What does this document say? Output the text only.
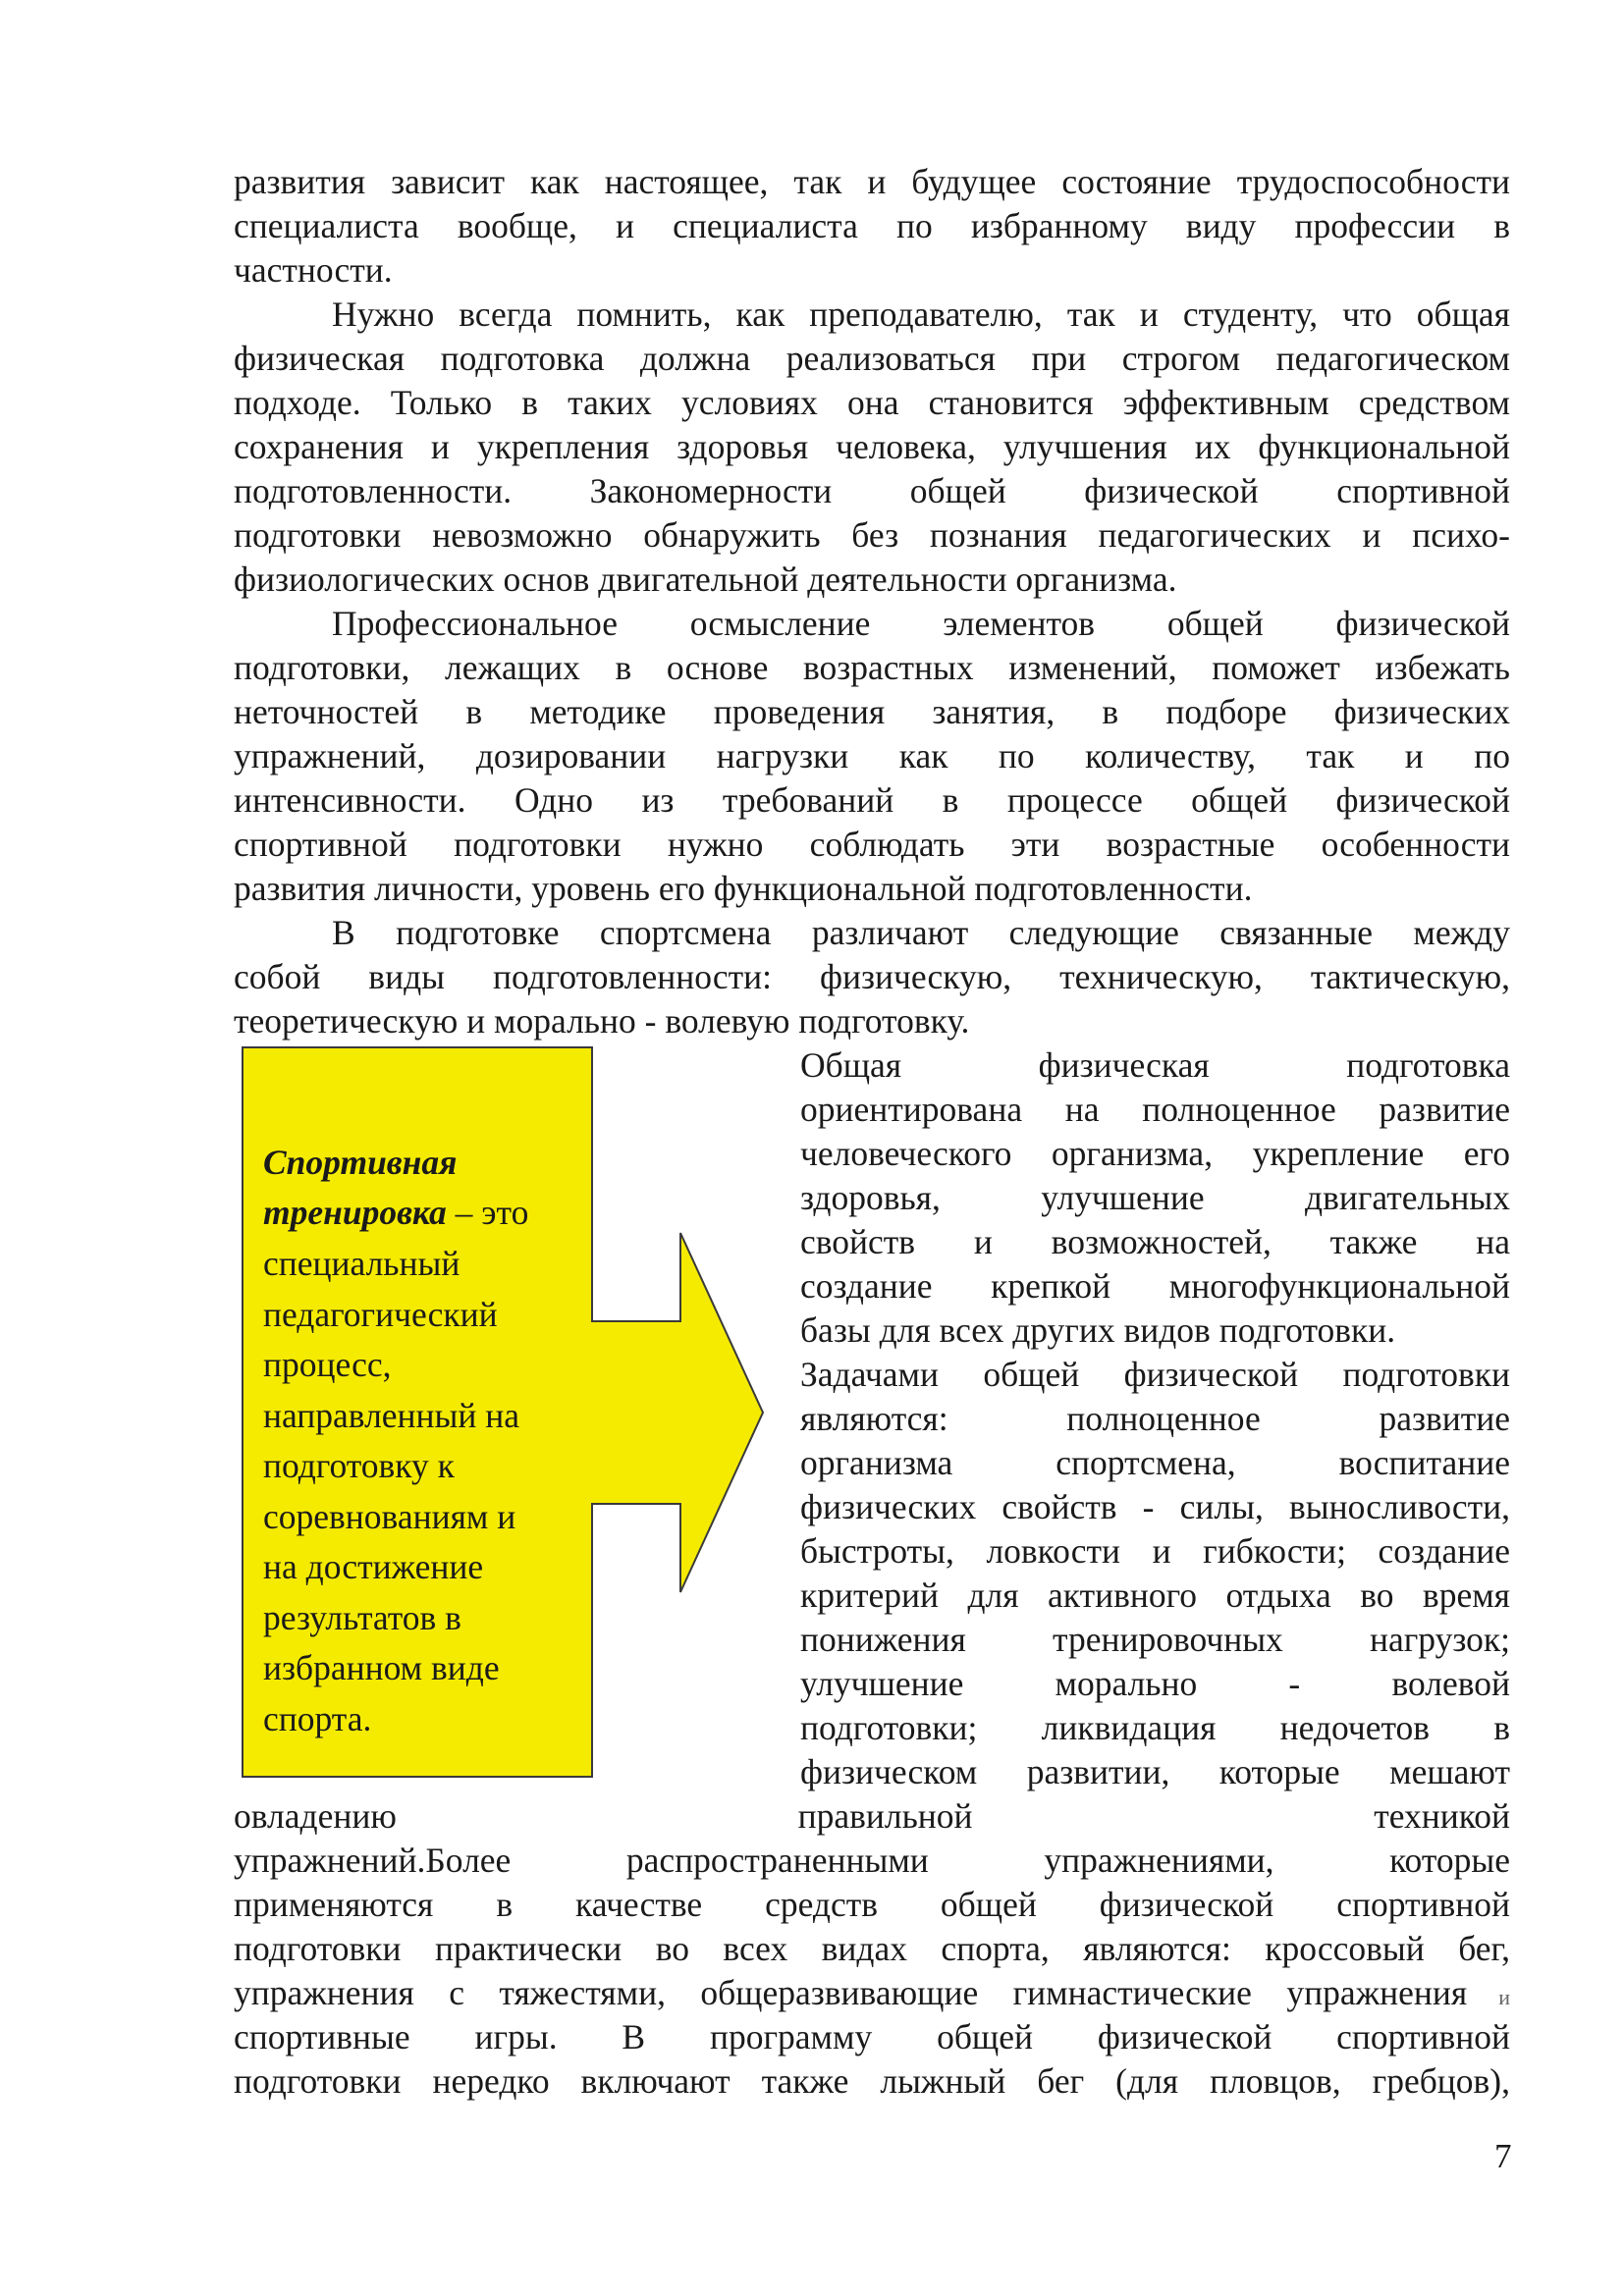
развития зависит как настоящее, так и будущее состояние трудоспособности
специалиста вообще, и специалиста по избранному виду профессии в
частности.
Нужно всегда помнить, как преподавателю, так и студенту, что общая
физическая подготовка должна реализоваться при строгом педагогическом
подходе. Только в таких условиях она становится эффективным средством
сохранения и укрепления здоровья человека, улучшения их функциональной
подготовленности. Закономерности общей физической спортивной
подготовки невозможно обнаружить без познания педагогических и психо-
физиологических основ двигательной деятельности организма.
Профессиональное осмысление элементов общей физической
подготовки, лежащих в основе возрастных изменений, поможет избежать
неточностей в методике проведения занятия, в подборе физических
упражнений, дозировании нагрузки как по количеству, так и по
интенсивности. Одно из требований в процессе общей физической
спортивной подготовки нужно соблюдать эти возрастные особенности
развития личности, уровень его функциональной подготовленности.
В подготовке спортсмена различают следующие связанные между
собой виды подготовленности: физическую, техническую, тактическую,
теоретическую и морально - волевую подготовку.
Спортивная
тренировка – это
специальный
педагогический
процесс,
направленный на
подготовку к
соревнованиям и
на достижение
результатов в
избранном виде
спорта.
Общая физическая подготовка
ориентирована на полноценное развитие
человеческого организма, укрепление его
здоровья, улучшение двигательных
свойств и возможностей, также на
создание крепкой многофункциональной
базы для всех других видов подготовки.
Задачами общей физической подготовки
являются: полноценное развитие
организма спортсмена, воспитание
физических свойств - силы, выносливости,
быстроты, ловкости и гибкости; создание
критерий для активного отдыха во время
понижения тренировочных нагрузок;
улучшение морально - волевой
подготовки; ликвидация недочетов в
физическом развитии, которые мешают
овладению правильной техникой
упражнений.Более распространенными упражнениями, которые
применяются в качестве средств общей физической спортивной
подготовки практически во всех видах спорта, являются: кроссовый бег,
упражнения с тяжестями, общеразвивающие гимнастические упражнения и
спортивные игры. В программу общей физической спортивной
подготовки нередко включают также лыжный бег (для пловцов, гребцов),
7
